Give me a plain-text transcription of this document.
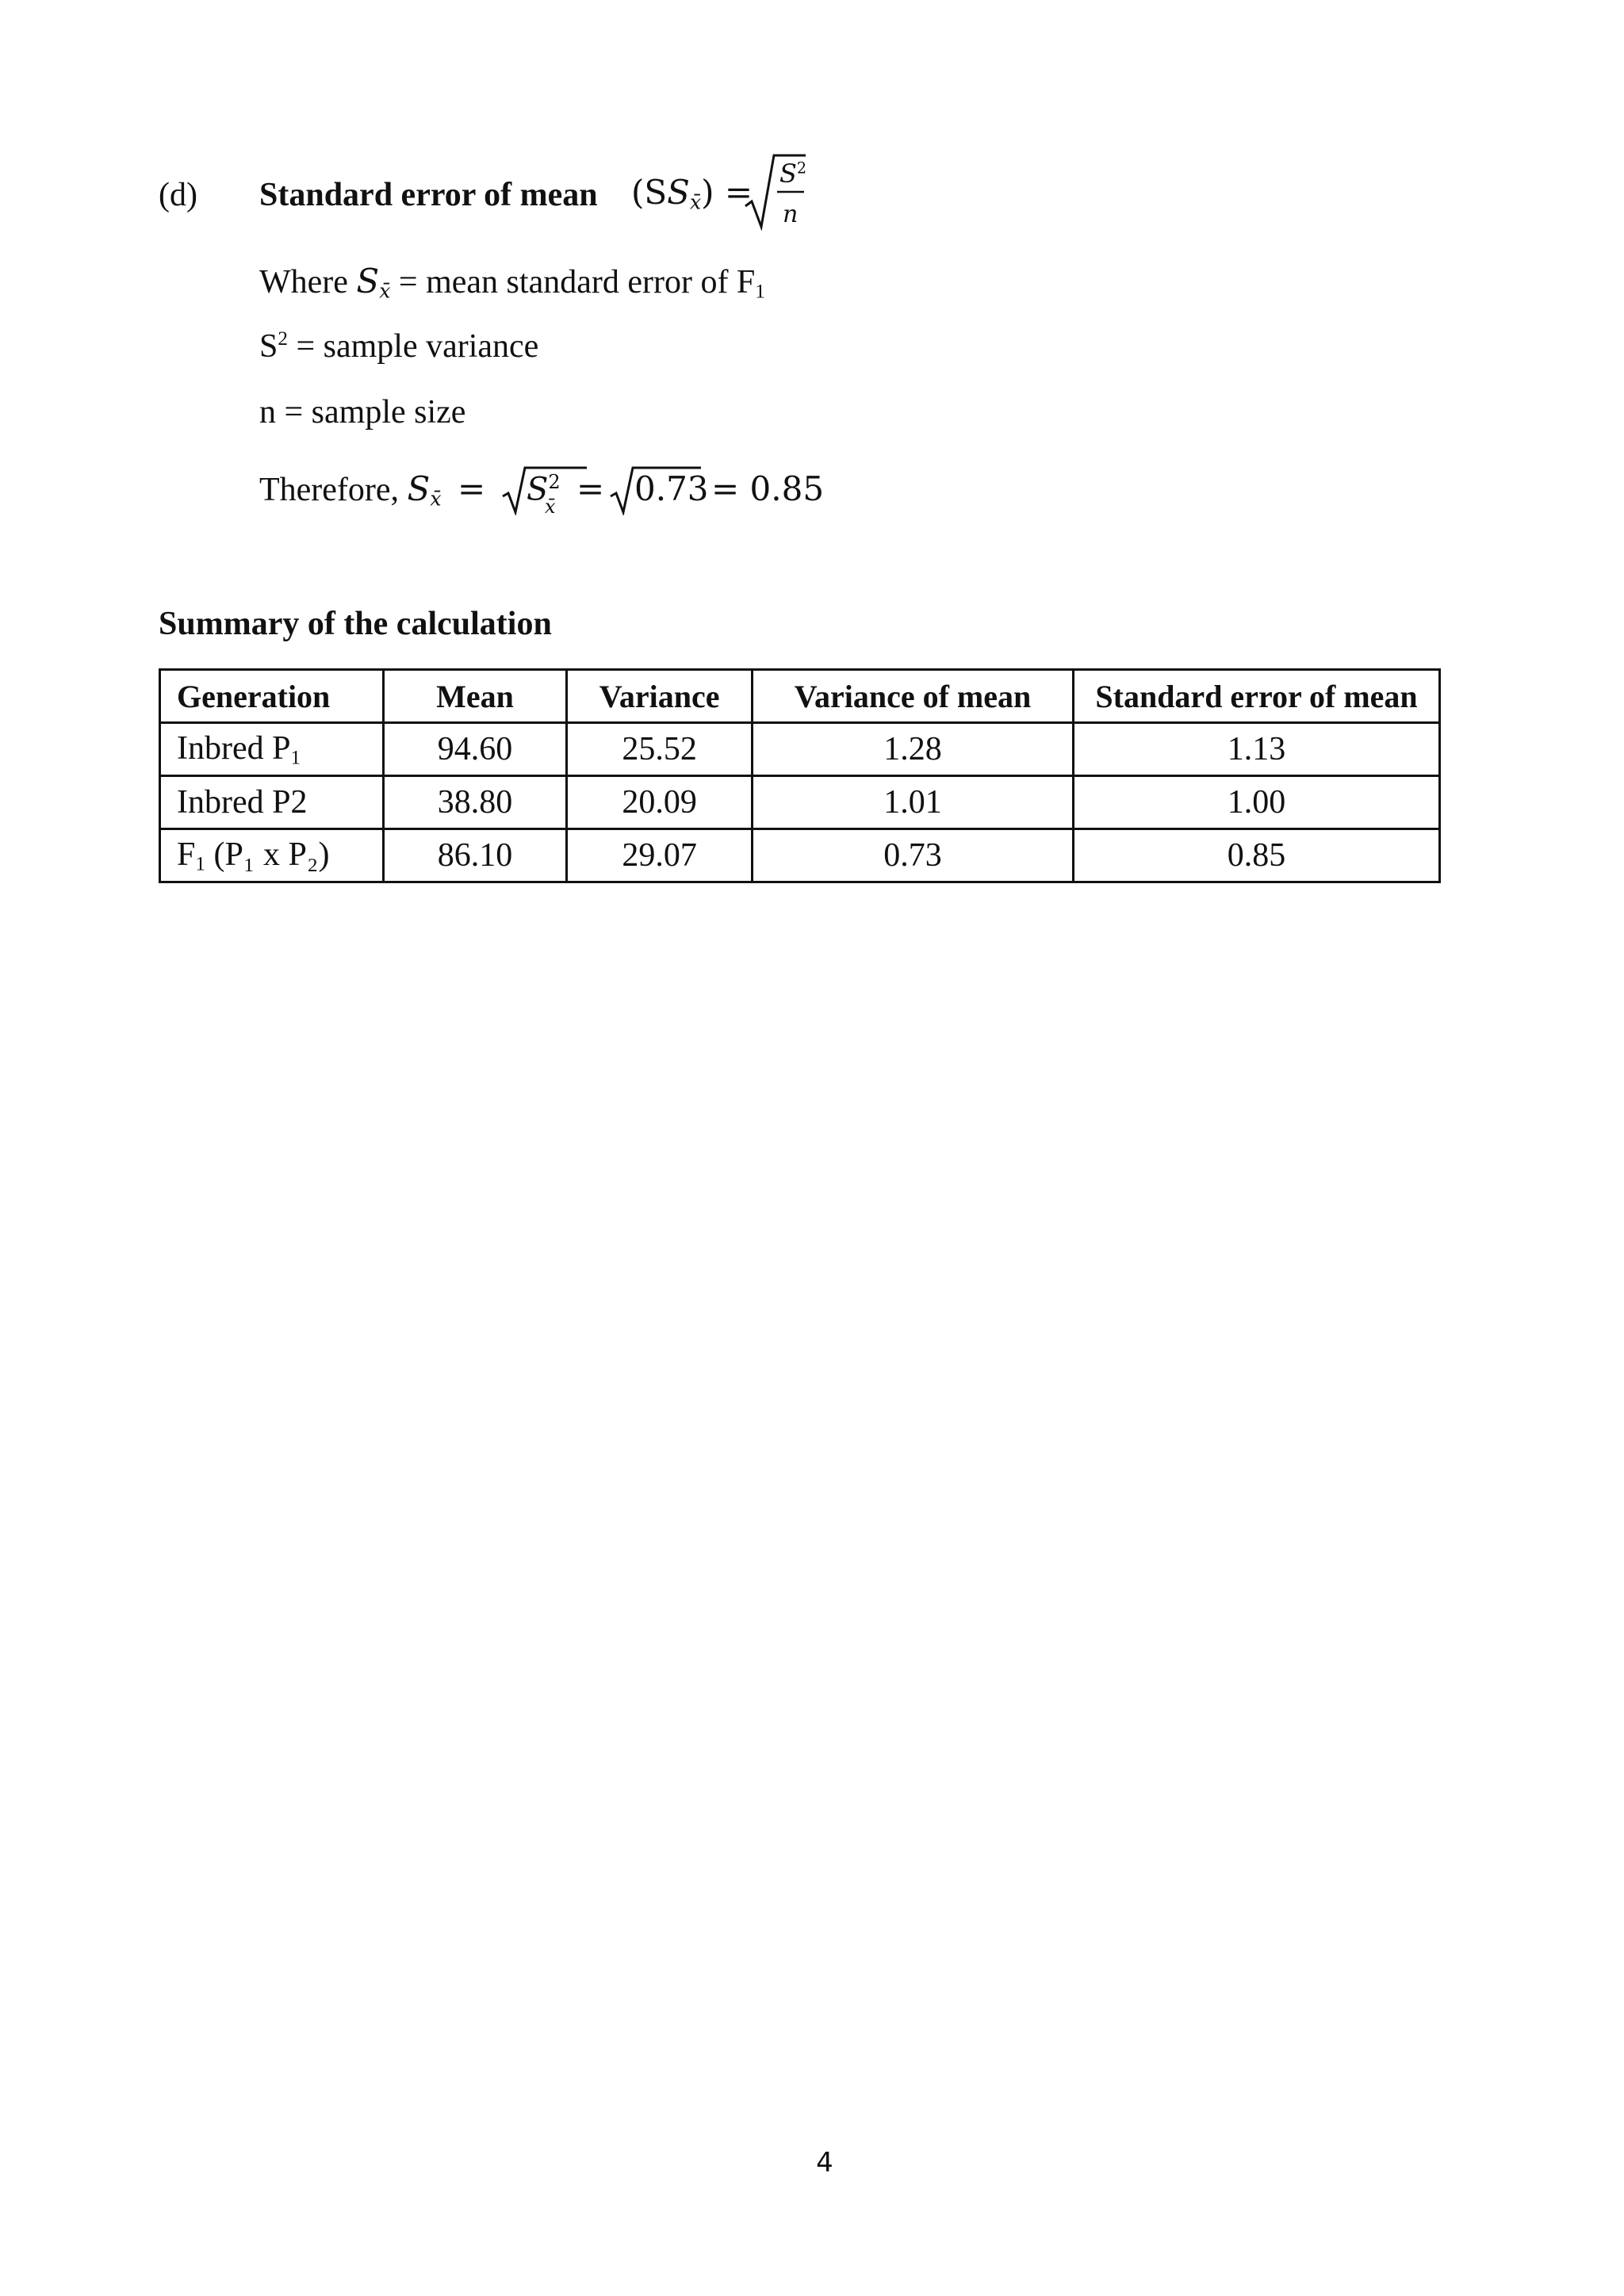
(d) Standard error of mean $(SS_{x̄}) = S^2$
n
Where $S_{x̄}$ = mean standard error of $F_1$
$S^2$ = sample variance
n = sample size
Therefore, $S_{x̄} = S^2$
x̄ = 0.73 = 0.85
Summary of the calculation
Generation	Mean	Variance	Variance of mean	Standard error of mean
Inbred $P_1$	94.60	25.52	1.28	1.13
Inbred P2	38.80	20.09	1.01	1.00
$F_1$ (P₁ x P₂)	86.10	29.07	0.73	0.85
4
